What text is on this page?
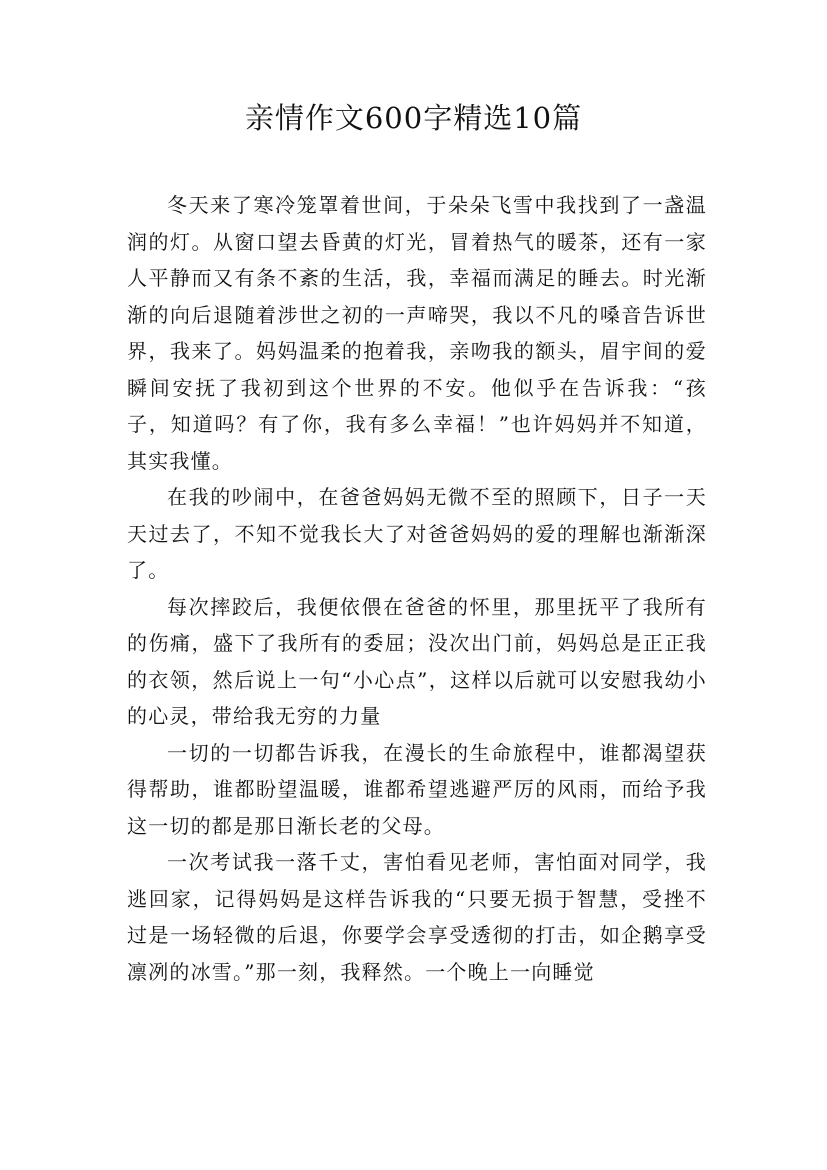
亲情作文600字精选10篇

冬天来了寒冷笼罩着世间，于朵朵飞雪中我找到了一盏温润的灯。从窗口望去昏黄的灯光，冒着热气的暖茶，还有一家人平静而又有条不紊的生活，我，幸福而满足的睡去。时光渐渐的向后退随着涉世之初的一声啼哭，我以不凡的嗓音告诉世界，我来了。妈妈温柔的抱着我，亲吻我的额头，眉宇间的爱瞬间安抚了我初到这个世界的不安。他似乎在告诉我：“孩子，知道吗？有了你，我有多么幸福！”也许妈妈并不知道，其实我懂。

在我的吵闹中，在爸爸妈妈无微不至的照顾下，日子一天天过去了，不知不觉我长大了对爸爸妈妈的爱的理解也渐渐深了。

每次摔跤后，我便依偎在爸爸的怀里，那里抚平了我所有的伤痛，盛下了我所有的委屈；没次出门前，妈妈总是正正我的衣领，然后说上一句“小心点”，这样以后就可以安慰我幼小的心灵，带给我无穷的力量

一切的一切都告诉我，在漫长的生命旅程中，谁都渴望获得帮助，谁都盼望温暖，谁都希望逃避严厉的风雨，而给予我这一切的都是那日渐长老的父母。

一次考试我一落千丈，害怕看见老师，害怕面对同学，我逃回家，记得妈妈是这样告诉我的“只要无损于智慧，受挫不过是一场轻微的后退，你要学会享受透彻的打击，如企鹅享受凛冽的冰雪。”那一刻，我释然。一个晚上一向睡觉
